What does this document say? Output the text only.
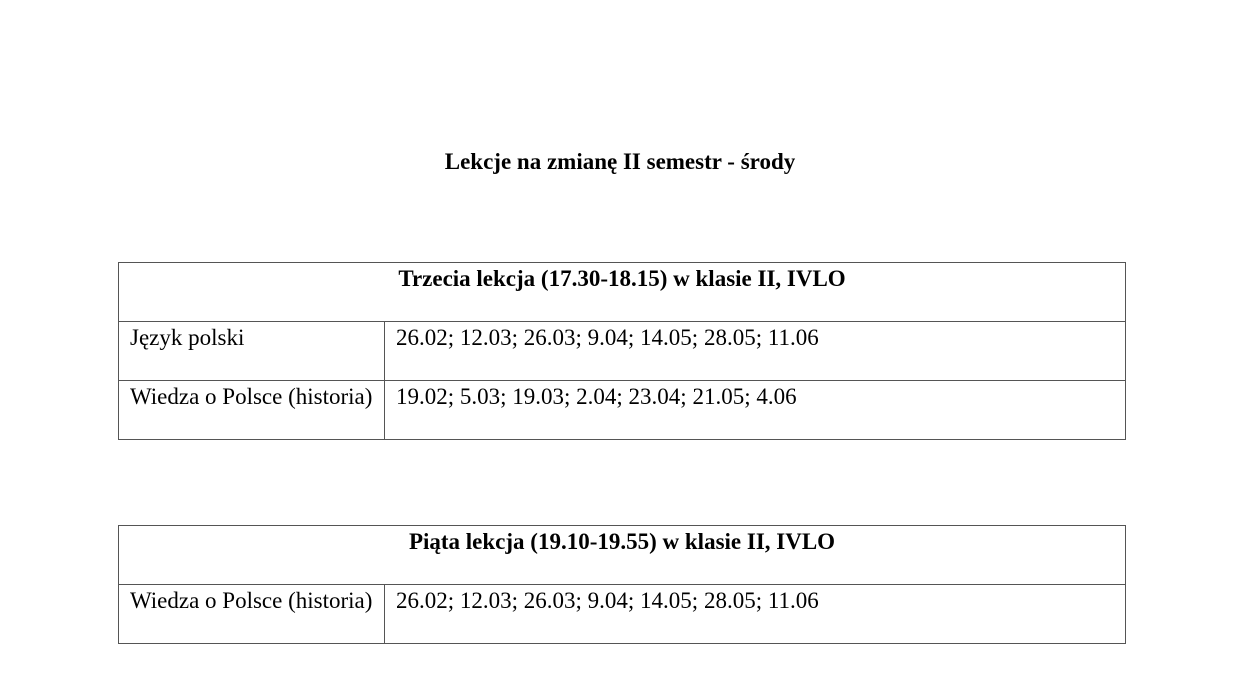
Lekcje na zmianę II semestr - środy
Trzecia lekcja (17.30-18.15) w klasie II, IVLO	
Język polski	26.02; 12.03; 26.03; 9.04; 14.05; 28.05; 11.06
Wiedza o Polsce (historia)	19.02; 5.03; 19.03; 2.04; 23.04; 21.05; 4.06
Piąta lekcja (19.10-19.55) w klasie II, IVLO
Wiedza o Polsce (historia)	26.02; 12.03; 26.03; 9.04; 14.05; 28.05; 11.06
